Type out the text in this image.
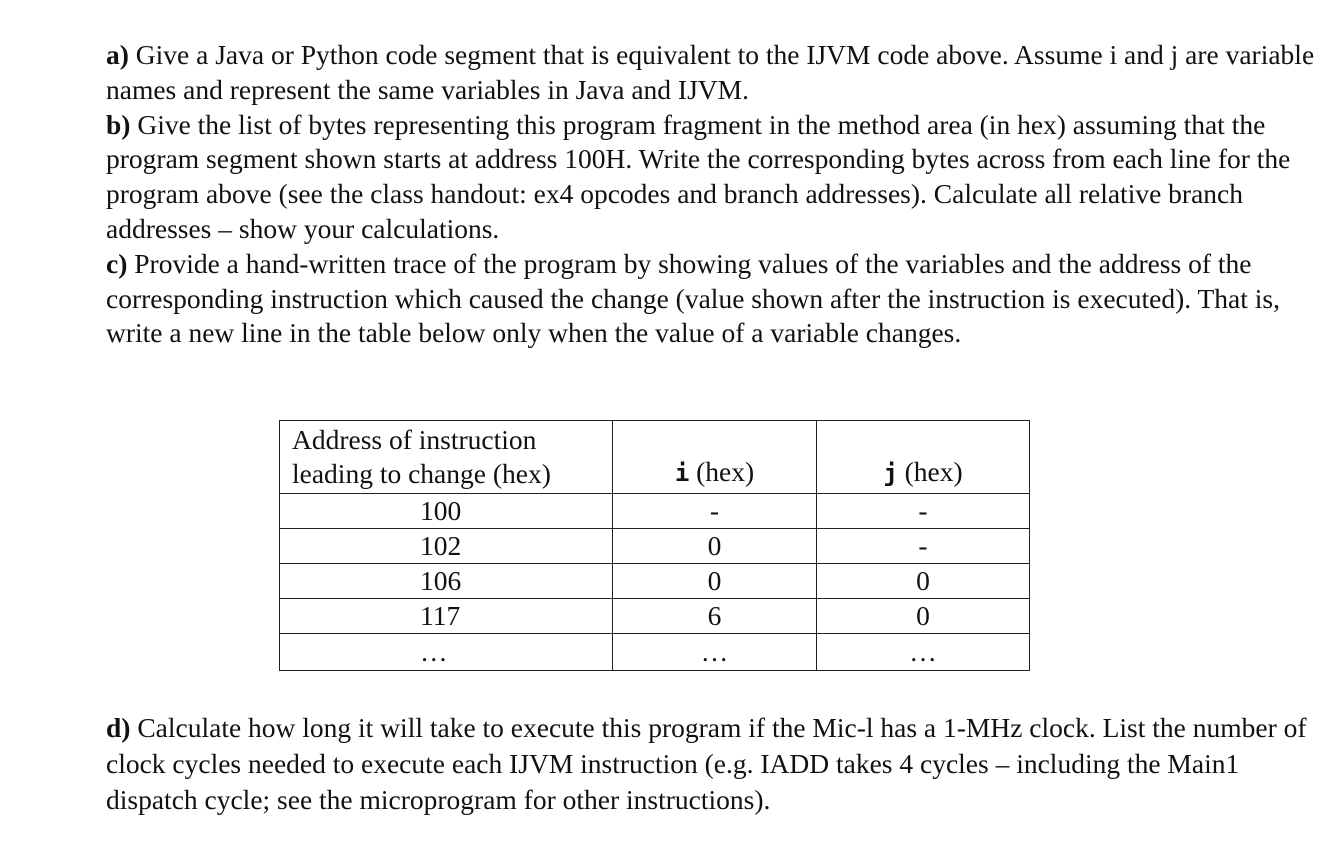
a) Give a Java or Python code segment that is equivalent to the IJVM code above. Assume i and j are variable names and represent the same variables in Java and IJVM.

b) Give the list of bytes representing this program fragment in the method area (in hex) assuming that the program segment shown starts at address 100H. Write the corresponding bytes across from each line for the program above (see the class handout: ex4 opcodes and branch addresses). Calculate all relative branch addresses – show your calculations.

c) Provide a hand-written trace of the program by showing values of the variables and the address of the corresponding instruction which caused the change (value shown after the instruction is executed). That is, write a new line in the table below only when the value of a variable changes.

Address of instruction
leading to change (hex)	i (hex)	j (hex)
100	-	-
102	0	-
106	0	0
117	6	0
…	…	…

d) Calculate how long it will take to execute this program if the Mic-l has a 1-MHz clock. List the number of clock cycles needed to execute each IJVM instruction (e.g. IADD takes 4 cycles – including the Main1 dispatch cycle; see the microprogram for other instructions).
